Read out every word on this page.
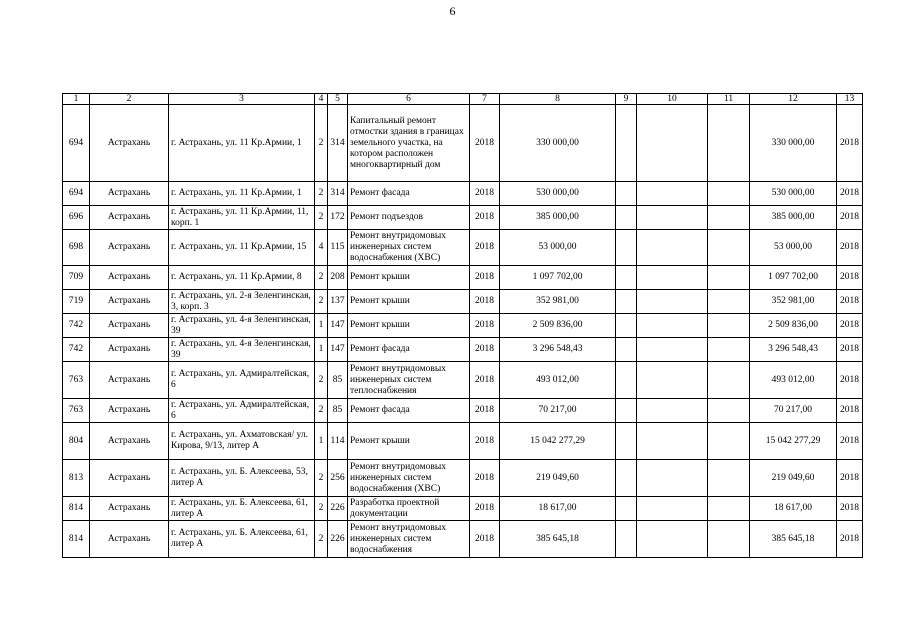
6
1	2	3	4	5	6	7	8	9	10	11	12	13
694	Астрахань	г. Астрахань, ул. 11 Кр.Армии, 1	2	314	Капитальный ремонт отмостки здания в границах земельного участка, на котором расположен многоквартирный дом	2018	330 000,00				330 000,00	2018
694	Астрахань	г. Астрахань, ул. 11 Кр.Армии, 1	2	314	Ремонт фасада	2018	530 000,00				530 000,00	2018
696	Астрахань	г. Астрахань, ул. 11 Кр.Армии, 11, корп. 1	2	172	Ремонт подъездов	2018	385 000,00				385 000,00	2018
698	Астрахань	г. Астрахань, ул. 11 Кр.Армии, 15	4	115	Ремонт внутридомовых инженерных систем водоснабжения (ХВС)	2018	53 000,00				53 000,00	2018
709	Астрахань	г. Астрахань, ул. 11 Кр.Армии, 8	2	208	Ремонт крыши	2018	1 097 702,00				1 097 702,00	2018
719	Астрахань	г. Астрахань, ул. 2-я Зеленгинская, 3, корп. 3	2	137	Ремонт крыши	2018	352 981,00				352 981,00	2018
742	Астрахань	г. Астрахань, ул. 4-я Зеленгинская, 39	1	147	Ремонт крыши	2018	2 509 836,00				2 509 836,00	2018
742	Астрахань	г. Астрахань, ул. 4-я Зеленгинская, 39	1	147	Ремонт фасада	2018	3 296 548,43				3 296 548,43	2018
763	Астрахань	г. Астрахань, ул. Адмиралтейская, 6	2	85	Ремонт внутридомовых инженерных систем теплоснабжения	2018	493 012,00				493 012,00	2018
763	Астрахань	г. Астрахань, ул. Адмиралтейская, 6	2	85	Ремонт фасада	2018	70 217,00				70 217,00	2018
804	Астрахань	г. Астрахань, ул. Ахматовская/ ул. Кирова, 9/13, литер А	1	114	Ремонт крыши	2018	15 042 277,29				15 042 277,29	2018
813	Астрахань	г. Астрахань, ул. Б. Алексеева, 53, литер А	2	256	Ремонт внутридомовых инженерных систем водоснабжения (ХВС)	2018	219 049,60				219 049,60	2018
814	Астрахань	г. Астрахань, ул. Б. Алексеева, 61, литер А	2	226	Разработка проектной документации	2018	18 617,00				18 617,00	2018
814	Астрахань	г. Астрахань, ул. Б. Алексеева, 61, литер А	2	226	Ремонт внутридомовых инженерных систем водоснабжения	2018	385 645,18				385 645,18	2018
